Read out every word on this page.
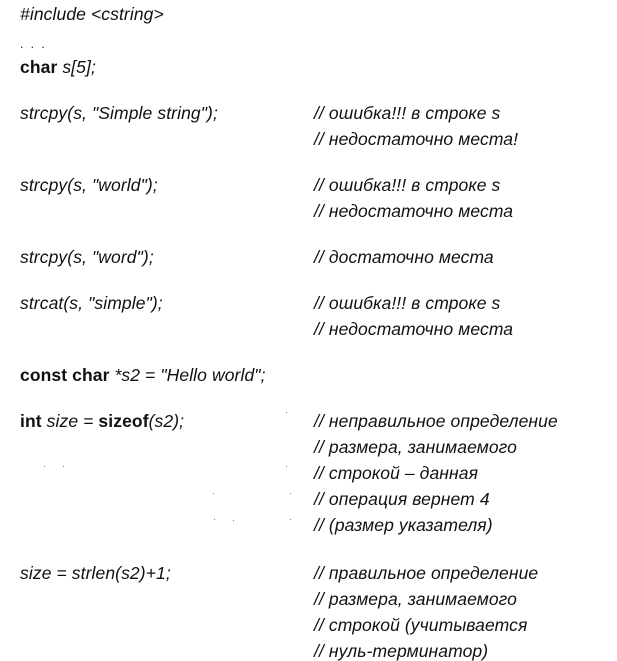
#include <cstring>
. . .
char s[5];
strcpy(s, "Simple string");	// ошибка!!! в строке s
// недостаточно места!
strcpy(s, "world");	// ошибка!!! в строке s
// недостаточно места
strcpy(s, "word");	// достаточно места
strcat(s, "simple");	// ошибка!!! в строке s
// недостаточно места
const char *s2 = "Hello world";
int size = sizeof(s2);	// неправильное определение
// размера, занимаемого
// строкой – данная
// операция вернет 4
// (размер указателя)
size = strlen(s2)+1;	// правильное определение
// размера, занимаемого
// строкой (учитывается
// нуль-терминатор)
